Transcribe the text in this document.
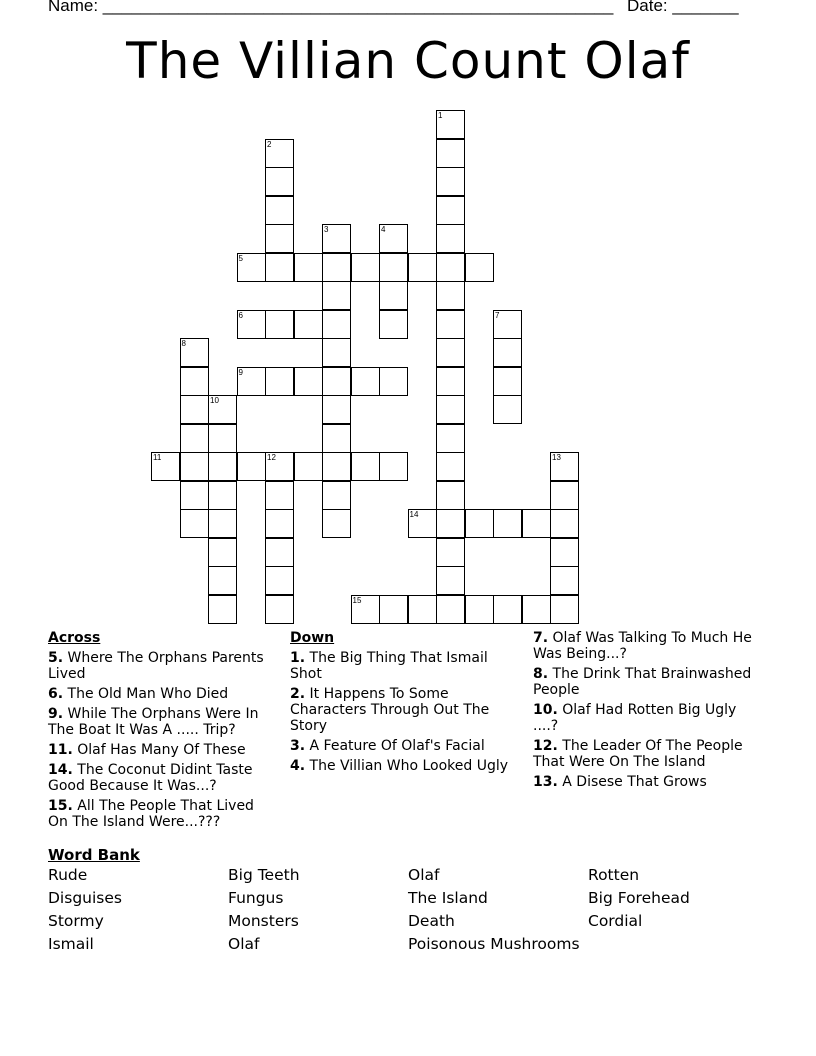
Name: ______________________________________________________ Date: _______
The Villian Count Olaf
1
2
3	4
5
6	7
8
9
10
11	12	13
14
15
Across
5. Where The Orphans Parents Lived
6. The Old Man Who Died
9. While The Orphans Were In The Boat It Was A ..... Trip?
11. Olaf Has Many Of These
14. The Coconut Didint Taste Good Because It Was...?
15. All The People That Lived On The Island Were...???
Down
1. The Big Thing That Ismail Shot
2. It Happens To Some Characters Through Out The Story
3. A Feature Of Olaf's Facial
4. The Villian Who Looked Ugly
7. Olaf Was Talking To Much He Was Being...?
8. The Drink That Brainwashed People
10. Olaf Had Rotten Big Ugly ....?
12. The Leader Of The People That Were On The Island
13. A Disese That Grows
Word Bank
Rude	Big Teeth	Olaf	Rotten
Disguises	Fungus	The Island	Big Forehead
Stormy	Monsters	Death	Cordial
Ismail	Olaf	Poisonous Mushrooms
